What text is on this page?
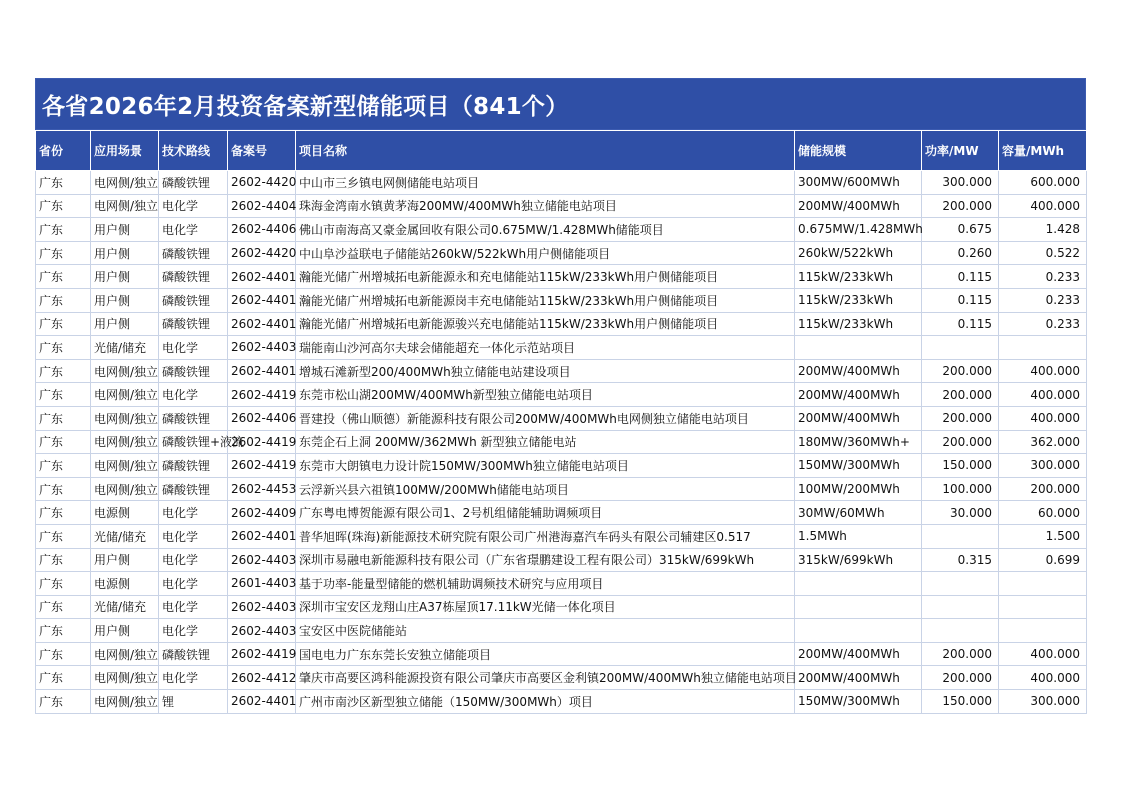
各省2026年2月投资备案新型储能项目（841个）
省份	应用场景	技术路线	备案号	项目名称	储能规模	功率/MW	容量/MWh
广东	电网侧/独立	磷酸铁锂	2602-4420	中山市三乡镇电网侧储能电站项目	300MW/600MWh	300.000	600.000
广东	电网侧/独立	电化学	2602-4404	珠海金湾南水镇黄茅海200MW/400MWh独立储能电站项目	200MW/400MWh	200.000	400.000
广东	用户侧	电化学	2602-4406	佛山市南海高又豪金属回收有限公司0.675MW/1.428MWh储能项目	0.675MW/1.428MWh	0.675	1.428
广东	用户侧	磷酸铁锂	2602-4420	中山阜沙益联电子储能站260kW/522kWh用户侧储能项目	260kW/522kWh	0.260	0.522
广东	用户侧	磷酸铁锂	2602-4401	瀚能光储广州增城拓电新能源永和充电储能站115kW/233kWh用户侧储能项目	115kW/233kWh	0.115	0.233
广东	用户侧	磷酸铁锂	2602-4401	瀚能光储广州增城拓电新能源岗丰充电储能站115kW/233kWh用户侧储能项目	115kW/233kWh	0.115	0.233
广东	用户侧	磷酸铁锂	2602-4401	瀚能光储广州增城拓电新能源骏兴充电储能站115kW/233kWh用户侧储能项目	115kW/233kWh	0.115	0.233
广东	光储/储充	电化学	2602-4403	瑞能南山沙河高尔夫球会储能超充一体化示范站项目			
广东	电网侧/独立	磷酸铁锂	2602-4401	增城石滩新型200/400MWh独立储能电站建设项目	200MW/400MWh	200.000	400.000
广东	电网侧/独立	电化学	2602-4419	东莞市松山湖200MW/400MWh新型独立储能电站项目	200MW/400MWh	200.000	400.000
广东	电网侧/独立	磷酸铁锂	2602-4406	晋建投（佛山顺德）新能源科技有限公司200MW/400MWh电网侧独立储能电站项目	200MW/400MWh	200.000	400.000
广东	电网侧/独立	磷酸铁锂+液流	2602-4419	东莞企石上洞 200MW/362MWh 新型独立储能电站	180MW/360MWh+	200.000	362.000
广东	电网侧/独立	磷酸铁锂	2602-4419	东莞市大朗镇电力设计院150MW/300MWh独立储能电站项目	150MW/300MWh	150.000	300.000
广东	电网侧/独立	磷酸铁锂	2602-4453	云浮新兴县六祖镇100MW/200MWh储能电站项目	100MW/200MWh	100.000	200.000
广东	电源侧	电化学	2602-4409	广东粤电博贺能源有限公司1、2号机组储能辅助调频项目	30MW/60MWh	30.000	60.000
广东	光储/储充	电化学	2602-4401	普华旭晖(珠海)新能源技术研究院有限公司广州港海嘉汽车码头有限公司辅建区0.517	1.5MWh		1.500
广东	用户侧	电化学	2602-4403	深圳市易融电新能源科技有限公司（广东省璟鹏建设工程有限公司）315kW/699kWh	315kW/699kWh	0.315	0.699
广东	电源侧	电化学	2601-4403	基于功率-能量型储能的燃机辅助调频技术研究与应用项目			
广东	光储/储充	电化学	2602-4403	深圳市宝安区龙翔山庄A37栋屋顶17.11kW光储一体化项目			
广东	用户侧	电化学	2602-4403	宝安区中医院储能站			
广东	电网侧/独立	磷酸铁锂	2602-4419	国电电力广东东莞长安独立储能项目	200MW/400MWh	200.000	400.000
广东	电网侧/独立	电化学	2602-4412	肇庆市高要区鸿科能源投资有限公司肇庆市高要区金利镇200MW/400MWh独立储能电站项目	200MW/400MWh	200.000	400.000
广东	电网侧/独立	锂	2602-4401	广州市南沙区新型独立储能（150MW/300MWh）项目	150MW/300MWh	150.000	300.000
